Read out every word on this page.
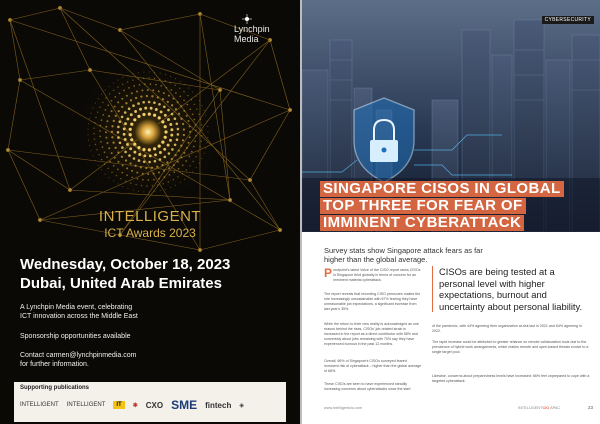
Lynchpin
Media
INTELLIGENT
ICT Awards 2023
Wednesday, October 18, 2023
Dubai, United Arab Emirates
A Lynchpin Media event, celebrating
ICT innovation across the Middle East
Sponsorship opportunities available
Contact carmen@lynchpinmedia.com
for further information.
Supporting publications
INTELLIGENT INTELLIGENT	IT	✱ CXO SME fintech ◈
CYBERSECURITY
SINGAPORE CISOS IN GLOBAL
TOP THREE FOR FEAR OF
IMMINENT CYBERATTACK
Survey stats show Singapore attack fears as far higher than the global average.
P roofpoint's latest Voice of the CISO report ranks CISOs in Singapore third globally in terms of concern for an imminent material cyberattack.
The report reveals that recording CISO pressures makes the role increasingly unsustainable with 67% fearing they have unreasonable job expectations, a significant increase from last year's 35%.
While the return to their new reality is acknowledged as one reason behind the rises, CISOs' job-related strain is increased in the report as a direct contributor with 58% and conversely about jobs remaining with 70% say they have experienced burnout in the past 12 months.
Overall, 66% of Singapore's CISOs surveyed feared imminent risk of cyberattack – higher than the global average of 68%.
These CISOs are seen to have experienced steadily increasing concerns about cyberattacks since the start
CISOs are being tested at a personal level with higher expectations, burnout and uncertainty about personal liability.
of the pandemic, with 44% agreeing their organization at-risk last in 2021 and 64% agreeing in 2022.
The rapid increase could be attributed to greater reliance on remote collaboration tools due to the prevalence of hybrid work arrangements, which makes remote and open-based threats evolve to a single target pool.
Likewise, concerns about preparedness levels have increased: 66% feel unprepared to cope with a targeted cyberattack.
www.intelligentcio.com	INTELLIGENTCIO APAC	23
